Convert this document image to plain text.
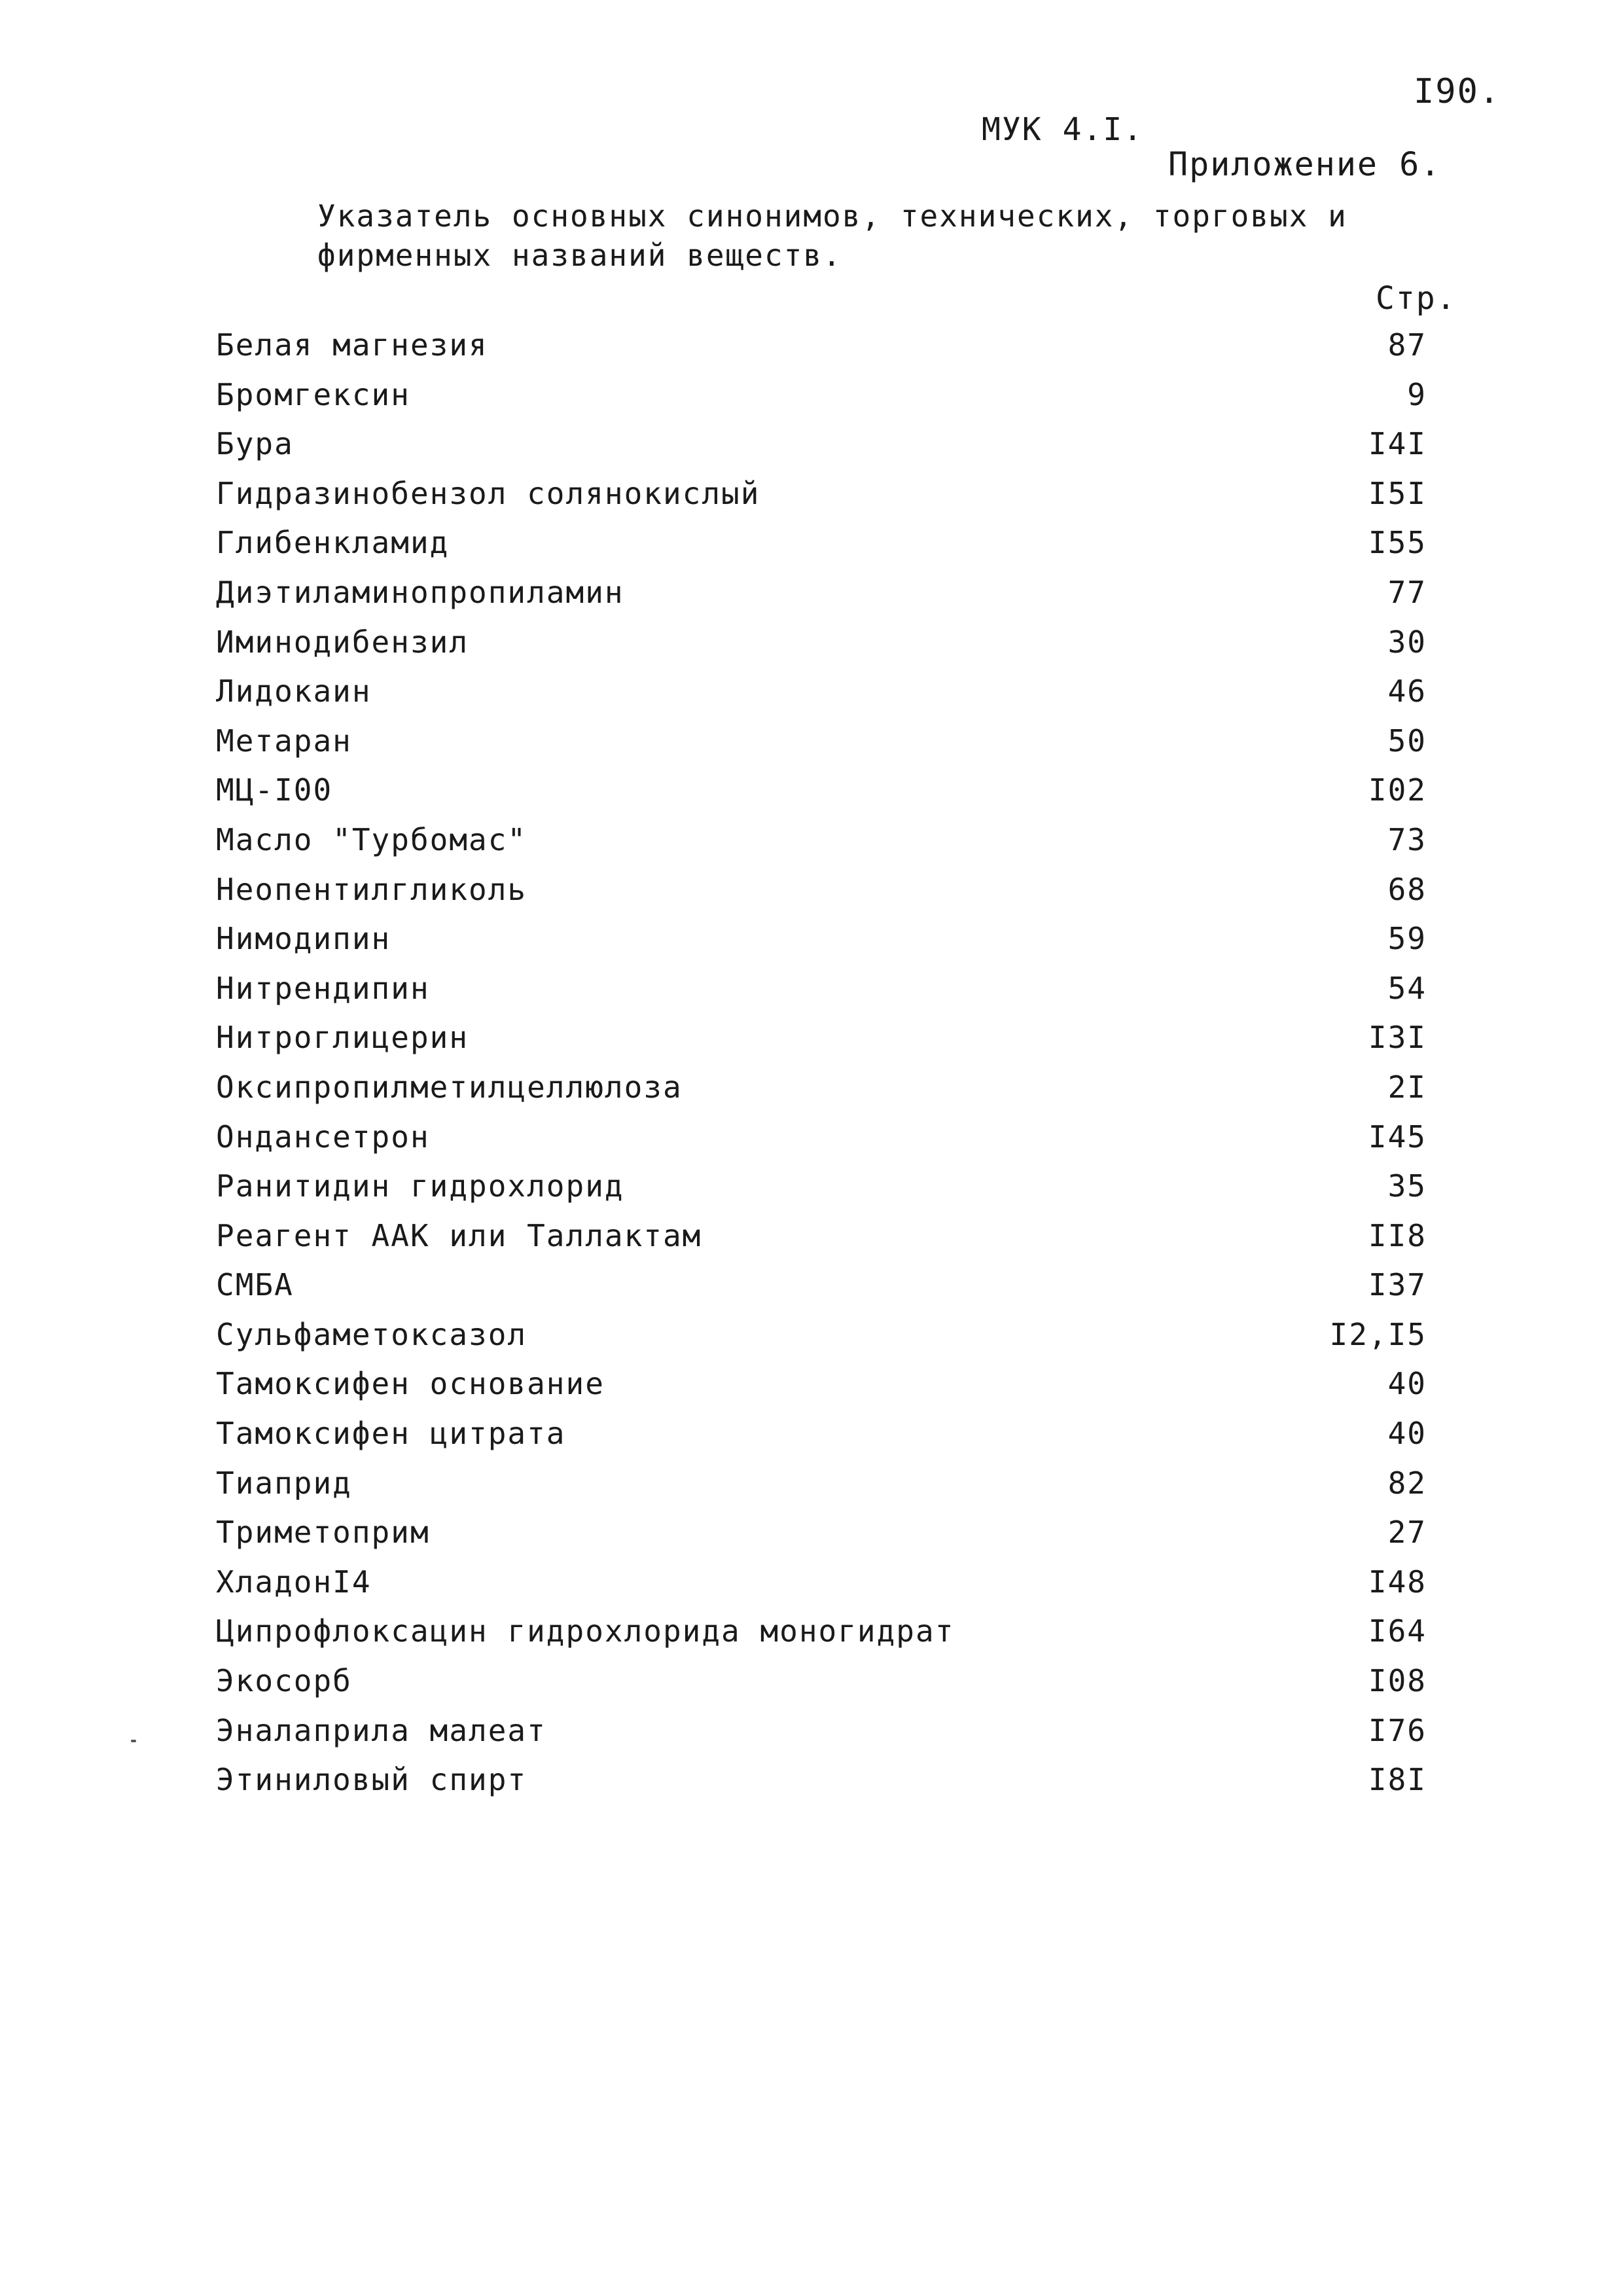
I90.
МУК 4.I.
Приложение 6.
Указатель основных синонимов, технических, торговых и
фирменных названий веществ.
Стр.
Белая магнезия	87
Бромгексин	9
Бура	I4I
Гидразинобензол солянокислый	I5I
Глибенкламид	I55
Диэтиламинопропиламин	77
Иминодибензил	30
Лидокаин	46
Метаран	50
МЦ-I00	I02
Масло "Турбомас"	73
Неопентилгликоль	68
Нимодипин	59
Нитрендипин	54
Нитроглицерин	I3I
Оксипропилметилцеллюлоза	2I
Ондансетрон	I45
Ранитидин гидрохлорид	35
Реагент ААК или Таллактам	II8
СМБА	I37
Сульфаметоксазол	I2,I5
Тамоксифен основание	40
Тамоксифен цитрата	40
Тиаприд	82
Триметоприм	27
ХладонI4	I48
Ципрофлоксацин гидрохлорида моногидрат	I64
Экосорб	I08
Эналаприла малеат	I76
Этиниловый спирт	I8I
